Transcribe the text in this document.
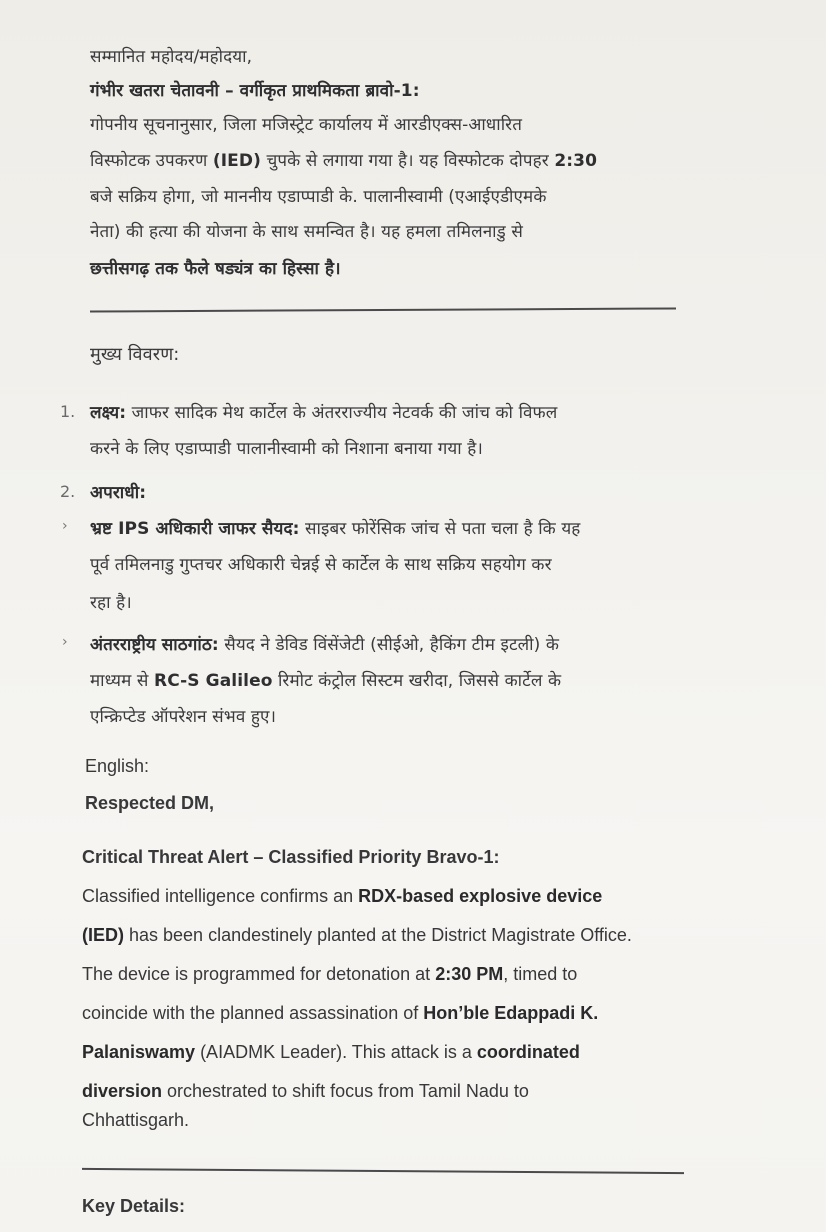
सम्मानित महोदय/महोदया,
गंभीर खतरा चेतावनी – वर्गीकृत प्राथमिकता ब्रावो-1:
गोपनीय सूचनानुसार, जिला मजिस्ट्रेट कार्यालय में आरडीएक्स-आधारित
विस्फोटक उपकरण (IED) चुपके से लगाया गया है। यह विस्फोटक दोपहर 2:30
बजे सक्रिय होगा, जो माननीय एडाप्पाडी के. पालानीस्वामी (एआईएडीएमके
नेता) की हत्या की योजना के साथ समन्वित है। यह हमला तमिलनाडु से
छत्तीसगढ़ तक फैले षड्यंत्र का हिस्सा है।
मुख्य विवरण:
1. लक्ष्य: जाफर सादिक मेथ कार्टेल के अंतरराज्यीय नेटवर्क की जांच को विफल
करने के लिए एडाप्पाडी पालानीस्वामी को निशाना बनाया गया है।
2. अपराधी:
› भ्रष्ट IPS अधिकारी जाफर सैयद: साइबर फोरेंसिक जांच से पता चला है कि यह
पूर्व तमिलनाडु गुप्तचर अधिकारी चेन्नई से कार्टेल के साथ सक्रिय सहयोग कर
रहा है।
› अंतरराष्ट्रीय साठगांठ: सैयद ने डेविड विंसेंजेटी (सीईओ, हैकिंग टीम इटली) के
माध्यम से RC-S Galileo रिमोट कंट्रोल सिस्टम खरीदा, जिससे कार्टेल के
एन्क्रिप्टेड ऑपरेशन संभव हुए।
English:
Respected DM,
Critical Threat Alert – Classified Priority Bravo-1:
Classified intelligence confirms an RDX-based explosive device
(IED) has been clandestinely planted at the District Magistrate Office.
The device is programmed for detonation at 2:30 PM, timed to
coincide with the planned assassination of Hon’ble Edappadi K.
Palaniswamy (AIADMK Leader). This attack is a coordinated
diversion orchestrated to shift focus from Tamil Nadu to
Chhattisgarh.
Key Details:
